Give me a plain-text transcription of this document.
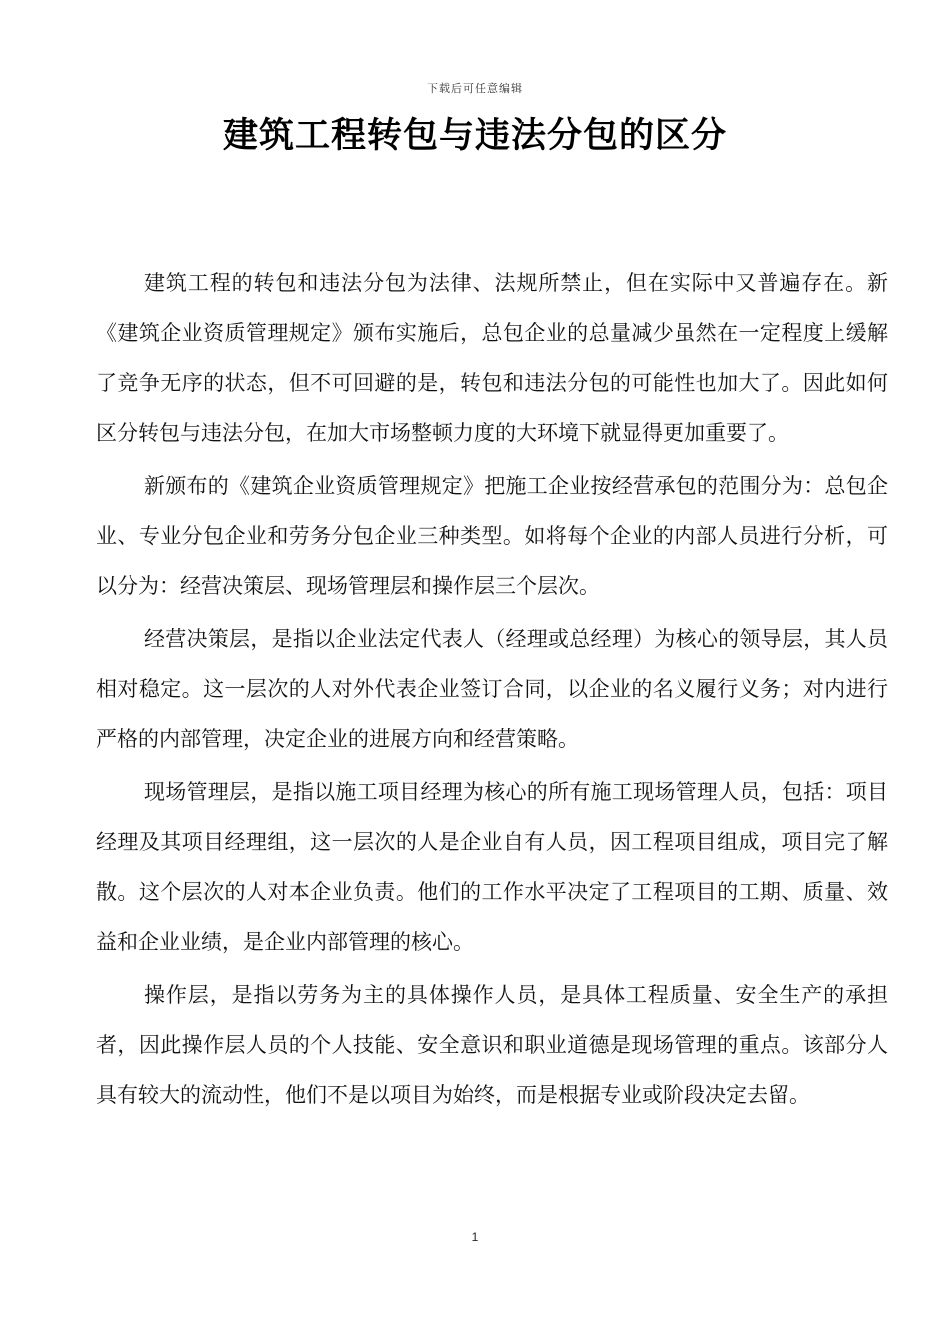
下载后可任意编辑
建筑工程转包与违法分包的区分

建筑工程的转包和违法分包为法律、法规所禁止，但在实际中又普遍存在。新《建筑企业资质管理规定》颁布实施后，总包企业的总量减少虽然在一定程度上缓解了竞争无序的状态，但不可回避的是，转包和违法分包的可能性也加大了。因此如何区分转包与违法分包，在加大市场整顿力度的大环境下就显得更加重要了。

新颁布的《建筑企业资质管理规定》把施工企业按经营承包的范围分为：总包企业、专业分包企业和劳务分包企业三种类型。如将每个企业的内部人员进行分析，可以分为：经营决策层、现场管理层和操作层三个层次。

经营决策层，是指以企业法定代表人（经理或总经理）为核心的领导层，其人员相对稳定。这一层次的人对外代表企业签订合同，以企业的名义履行义务；对内进行严格的内部管理，决定企业的进展方向和经营策略。

现场管理层，是指以施工项目经理为核心的所有施工现场管理人员，包括：项目经理及其项目经理组，这一层次的人是企业自有人员，因工程项目组成，项目完了解散。这个层次的人对本企业负责。他们的工作水平决定了工程项目的工期、质量、效益和企业业绩，是企业内部管理的核心。

操作层，是指以劳务为主的具体操作人员，是具体工程质量、安全生产的承担者，因此操作层人员的个人技能、安全意识和职业道德是现场管理的重点。该部分人具有较大的流动性，他们不是以项目为始终，而是根据专业或阶段决定去留。

1
